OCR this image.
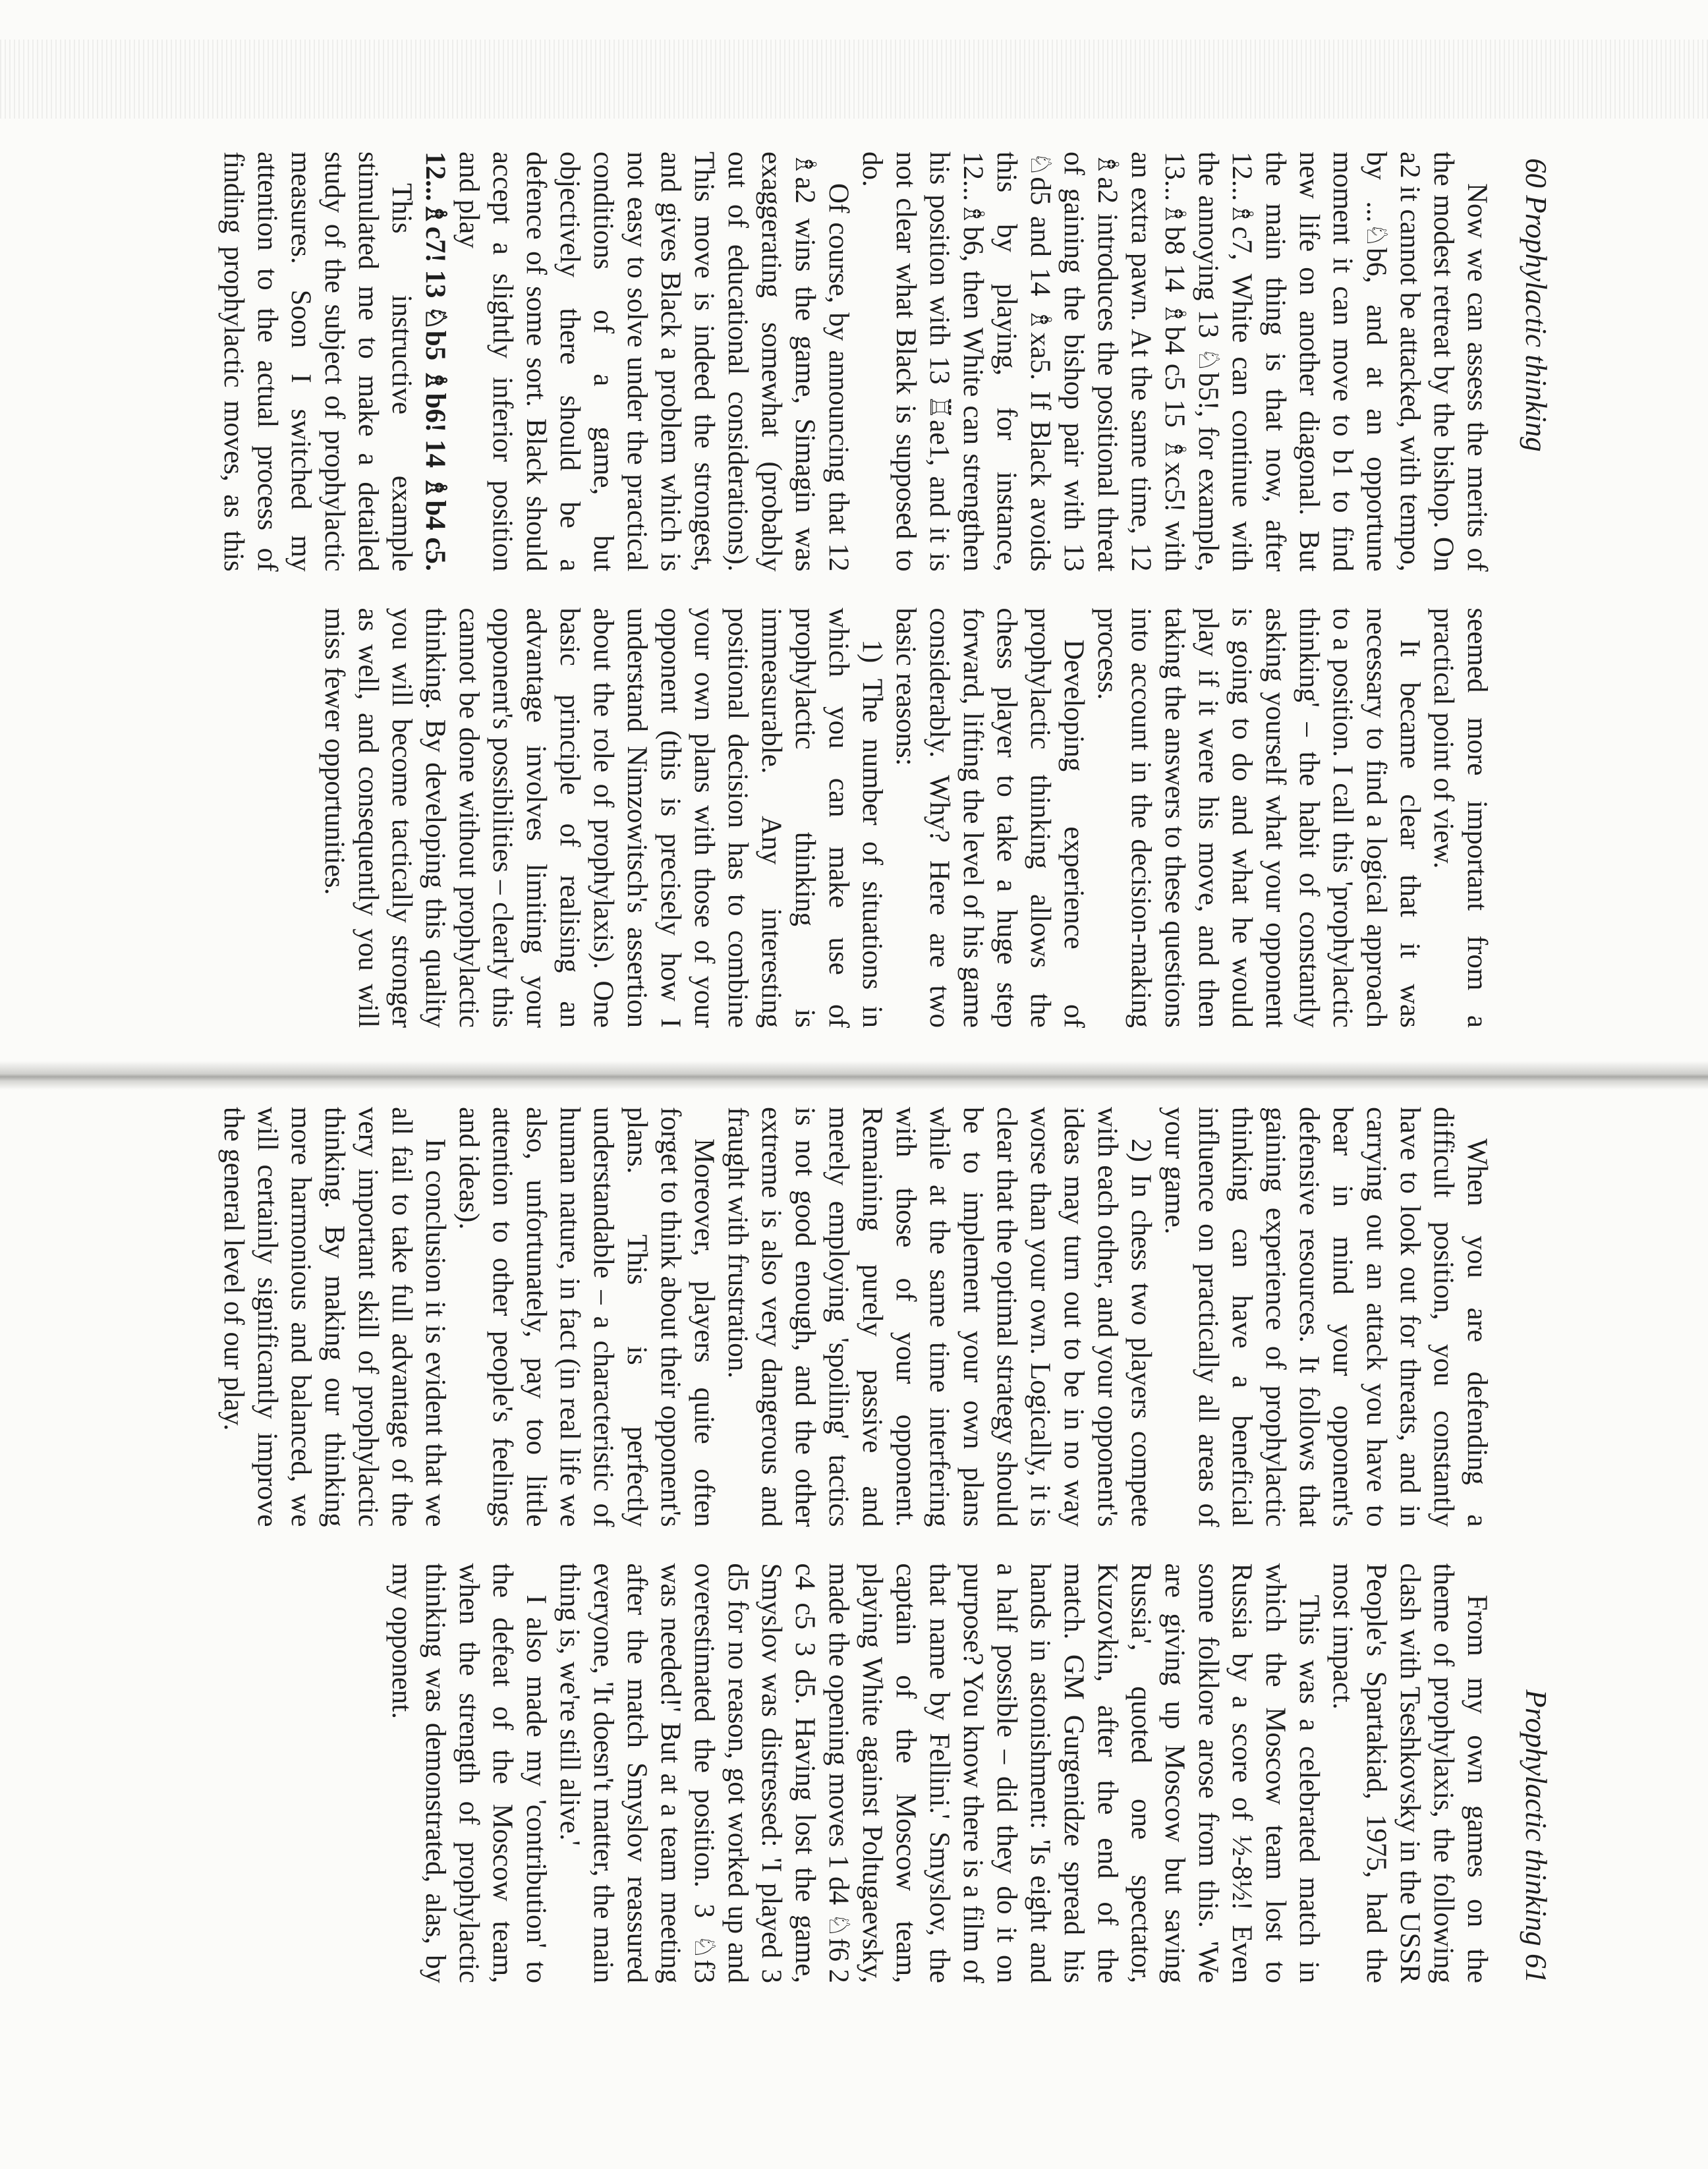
60 Prophylactic thinking

Now we can assess the merits of the modest retreat by the bishop. On a2 it cannot be attacked, with tempo, by ...♘b6, and at an opportune moment it can move to b1 to find new life on another diagonal. But the main thing is that now, after 12...♗c7, White can continue with the annoying 13 ♘b5!, for example, 13...♗b8 14 ♗b4 c5 15 ♗xc5! with an extra pawn. At the same time, 12 ♗a2 introduces the positional threat of gaining the bishop pair with 13 ♘d5 and 14 ♗xa5. If Black avoids this by playing, for instance, 12...♗b6, then White can strengthen his position with 13 ♖ae1, and it is not clear what Black is supposed to do.

Of course, by announcing that 12 ♗a2 wins the game, Simagin was exaggerating somewhat (probably out of educational considerations). This move is indeed the strongest, and gives Black a problem which is not easy to solve under the practical conditions of a game, but objectively there should be a defence of some sort. Black should accept a slightly inferior position and play

12...♗c7! 13 ♘b5 ♗b6! 14 ♗b4 c5.

This instructive example stimulated me to make a detailed study of the subject of prophylactic measures. Soon I switched my attention to the actual process of finding prophylactic moves, as this seemed more important from a practical point of view.

It became clear that it was necessary to find a logical approach to a position. I call this 'prophylactic thinking' – the habit of constantly asking yourself what your opponent is going to do and what he would play if it were his move, and then taking the answers to these questions into account in the decision-making process.

Developing experience of prophylactic thinking allows the chess player to take a huge step forward, lifting the level of his game considerably. Why? Here are two basic reasons:

1) The number of situations in which you can make use of prophylactic thinking is immeasurable. Any interesting positional decision has to combine your own plans with those of your opponent (this is precisely how I understand Nimzowitsch's assertion about the role of prophylaxis). One basic principle of realising an advantage involves limiting your opponent's possibilities – clearly this cannot be done without prophylactic thinking. By developing this quality you will become tactically stronger as well, and consequently you will miss fewer opportunities.

Prophylactic thinking 61

When you are defending a difficult position, you constantly have to look out for threats, and in carrying out an attack you have to bear in mind your opponent's defensive resources. It follows that gaining experience of prophylactic thinking can have a beneficial influence on practically all areas of your game.

2) In chess two players compete with each other, and your opponent's ideas may turn out to be in no way worse than your own. Logically, it is clear that the optimal strategy should be to implement your own plans while at the same time interfering with those of your opponent. Remaining purely passive and merely employing 'spoiling' tactics is not good enough, and the other extreme is also very dangerous and fraught with frustration.

Moreover, players quite often forget to think about their opponent's plans. This is perfectly understandable – a characteristic of human nature, in fact (in real life we also, unfortunately, pay too little attention to other people's feelings and ideas).

In conclusion it is evident that we all fail to take full advantage of the very important skill of prophylactic thinking. By making our thinking more harmonious and balanced, we will certainly significantly improve the general level of our play.

From my own games on the theme of prophylaxis, the following clash with Tseshkovsky in the USSR People's Spartakiad, 1975, had the most impact.

This was a celebrated match in which the Moscow team lost to Russia by a score of ½-8½! Even some folklore arose from this. 'We are giving up Moscow but saving Russia', quoted one spectator, Kuzovkin, after the end of the match. GM Gurgenidze spread his hands in astonishment: 'Is eight and a half possible – did they do it on purpose? You know there is a film of that name by Fellini.' Smyslov, the captain of the Moscow team, playing White against Poltugaevsky, made the opening moves 1 d4 ♘f6 2 c4 c5 3 d5. Having lost the game, Smyslov was distressed: 'I played 3 d5 for no reason, got worked up and overestimated the position. 3 ♘f3 was needed!' But at a team meeting after the match Smyslov reassured everyone, 'It doesn't matter, the main thing is, we're still alive.'

I also made my 'contribution' to the defeat of the Moscow team, when the strength of prophylactic thinking was demonstrated, alas, by my opponent.
